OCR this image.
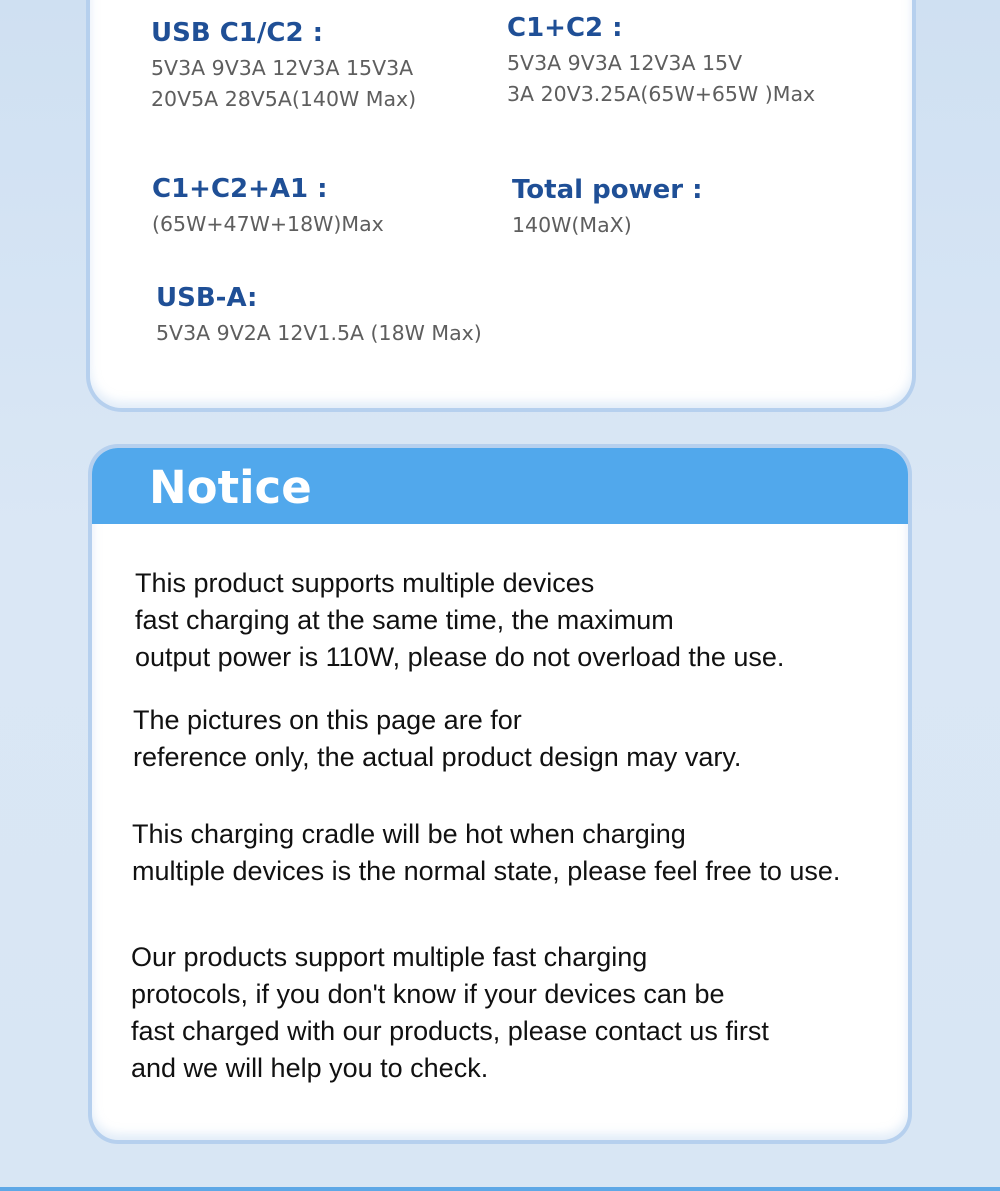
USB C1/C2 :
5V3A 9V3A 12V3A 15V3A
20V5A 28V5A(140W Max)
C1+C2 :
5V3A 9V3A 12V3A 15V
3A 20V3.25A(65W+65W )Max
C1+C2+A1 :
(65W+47W+18W)Max
Total power :
140W(MaX)
USB-A:
5V3A 9V2A 12V1.5A (18W Max)
Notice
This product supports multiple devices
fast charging at the same time, the maximum
output power is 110W, please do not overload the use.
The pictures on this page are for
reference only, the actual product design may vary.
This charging cradle will be hot when charging
multiple devices is the normal state, please feel free to use.
Our products support multiple fast charging
protocols, if you don't know if your devices can be
fast charged with our products, please contact us first
and we will help you to check.
